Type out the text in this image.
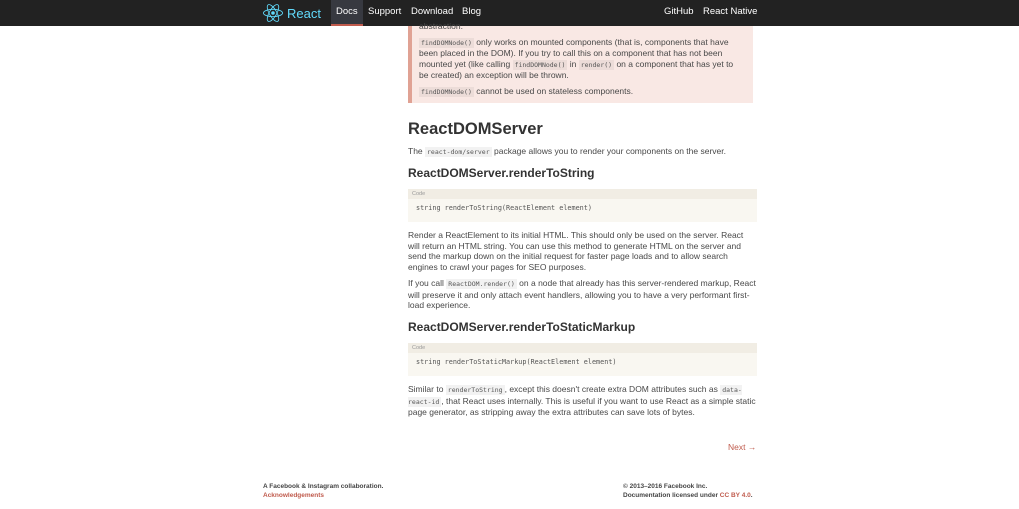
React	Docs	Support Download Blog	GitHub React Native

abstraction.

findDOMNode() only works on mounted components (that is, components that have been placed in the DOM). If you try to call this on a component that has not been mounted yet (like calling findDOMNode() in render() on a component that has yet to be created) an exception will be thrown.

findDOMNode() cannot be used on stateless components.

ReactDOMServer

The react-dom/server package allows you to render your components on the server.

ReactDOMServer.renderToString
Code
string renderToString(ReactElement element)

Render a ReactElement to its initial HTML. This should only be used on the server. React will return an HTML string. You can use this method to generate HTML on the server and send the markup down on the initial request for faster page loads and to allow search engines to crawl your pages for SEO purposes.

If you call ReactDOM.render() on a node that already has this server-rendered markup, React will preserve it and only attach event handlers, allowing you to have a very performant first-load experience.

ReactDOMServer.renderToStaticMarkup
Code
string renderToStaticMarkup(ReactElement element)

Similar to renderToString , except this doesn't create extra DOM attributes such as data-react-id , that React uses internally. This is useful if you want to use React as a simple static page generator, as stripping away the extra attributes can save lots of bytes.

Next →
A Facebook & Instagram collaboration.
Acknowledgements
© 2013–2016 Facebook Inc.
Documentation licensed under CC BY 4.0.
